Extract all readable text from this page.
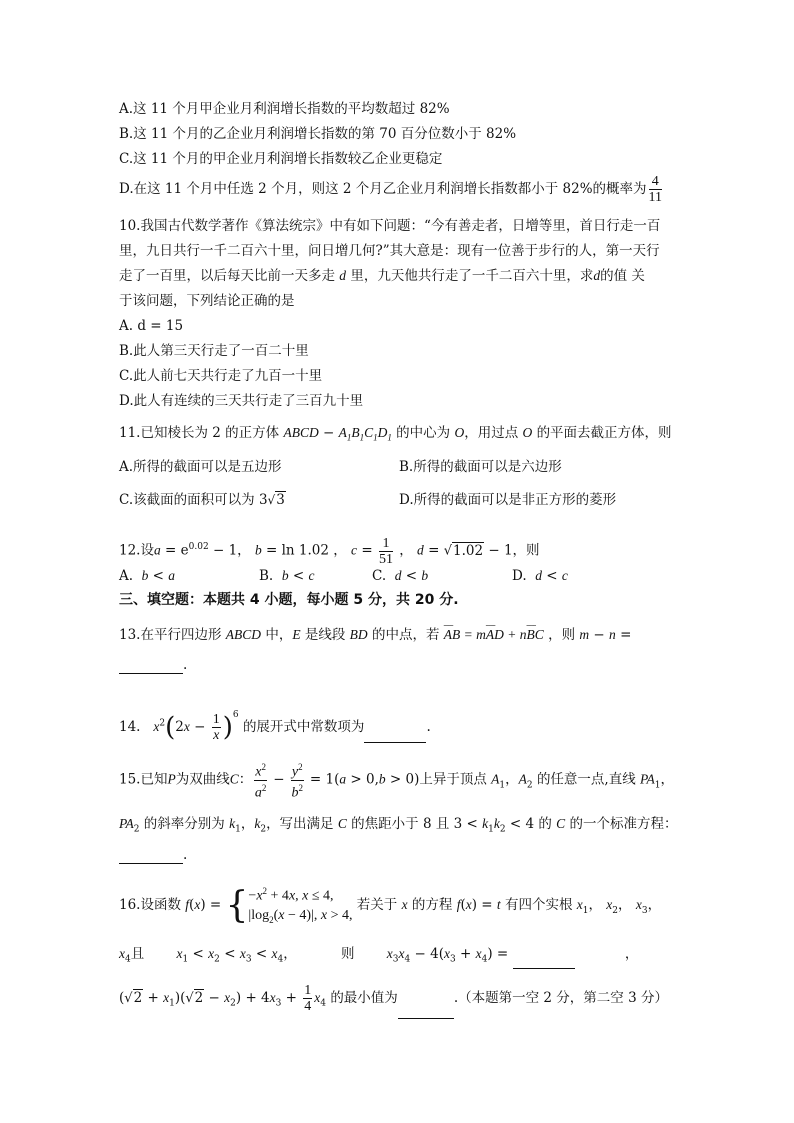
A.这 11 个月甲企业月利润增长指数的平均数超过 82%
B.这 11 个月的乙企业月利润增长指数的第 70 百分位数小于 82%
C.这 11 个月的甲企业月利润增长指数较乙企业更稳定
D.在这 11 个月中任选 2 个月，则这 2 个月乙企业月利润增长指数都小于 82%的概率为 $\frac{4}{11}$
10.我国古代数学著作《算法统宗》中有如下问题：“今有善走者，日增等里，首日行走一百
里，九日共行一千二百六十里，问日增几何?”其大意是：现有一位善于步行的人，第一天行
走了一百里，以后每天比前一天多走 d 里，九天他共行走了一千二百六十里，求d的值 关
于该问题，下列结论正确的是
A. d = 15
B.此人第三天行走了一百二十里
C.此人前七天共行走了九百一十里
D.此人有连续的三天共行走了三百九十里
11.已知棱长为 2 的正方体 ABCD − $A_1B_1C_1D_1$ 的中心为 O，用过点 O 的平面去截正方体，则
A.所得的截面可以是五边形	B.所得的截面可以是六边形
C.该截面的面积可以为 3√3	D.所得的截面可以是非正方形的菱形
12.设$a = e^{0.02} - 1$， b = ln 1.02 ， $c = \frac{1}{51}$ ， d = √1.02 − 1，则
A. b < a	B. b < c	C. d < b	D. d < c
三、填空题：本题共 4 小题，每小题 5 分，共 20 分.
13.在平行四边形 ABCD 中，E 是线段 BD 的中点，若 ــــ AB = mــــ AD + nــــ BC ，则 m − n =
.
14. $x^2(2x - \frac{1}{x} )^6$ 的展开式中常数项为	.
15.已知P为双曲线C： $\frac{x^2}{a^2} - \frac{y^2}{b^2} = 1(a > 0,b > 0)$上异于顶点 $A_1$，$A_2$ 的任意一点,直线 $PA_1$，
$PA_2$ 的斜率分别为 $k_1$，$k_2$，写出满足 C 的焦距小于 8 且 $3 < k_1k_2 < 4$ 的 C 的一个标准方程：
.
16.设函数 $f(x) = \{-x^2 + 4x$, x ≤ 4,
$|\log_2(x - 4)|$, x > 4, 若关于 x 的方程 f(x) = t 有四个实根 $x_1$， $x_2$， $x_3$，
$x_4$且 $x_1 < x_2 < x_3 < x_4$，	则 $x_3x_4 - 4(x_3 + x_4)$ =	，
$(√2 + x_1)(√2 - x_2) + 4x_3 + \frac{1}{4} x_4$ 的最小值为	.（本题第一空 2 分，第二空 3 分）
